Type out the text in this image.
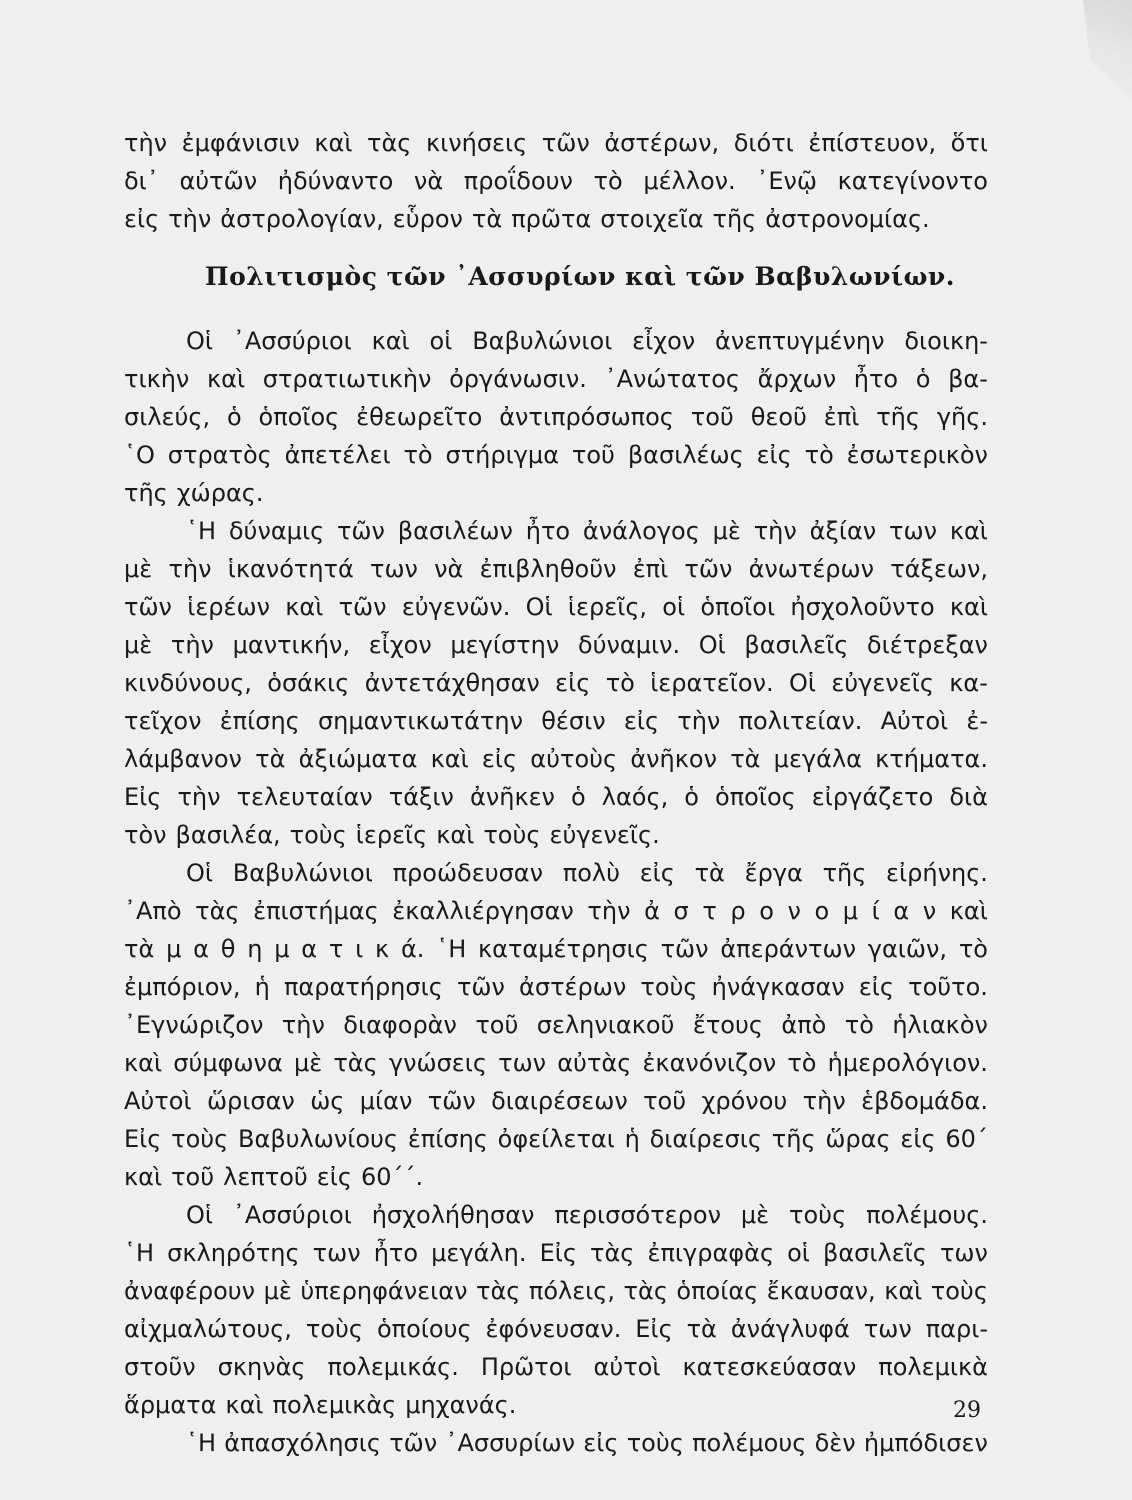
τὴν ἐμφάνισιν καὶ τὰς κινήσεις τῶν ἀστέρων, διότι ἐπίστευον, ὅτι
δι᾿ αὐτῶν ἠδύναντο νὰ προΐδουν τὸ μέλλον. ᾿Ενῷ κατεγίνοντο
εἰς τὴν ἀστρολογίαν, εὗρον τὰ πρῶτα στοιχεῖα τῆς ἀστρονομίας.
Πολιτισμὸς τῶν ᾿Ασσυρίων καὶ τῶν Βαβυλωνίων.
Οἱ ᾿Ασσύριοι καὶ οἱ Βαβυλώνιοι εἶχον ἀνεπτυγμένην διοικη-
τικὴν καὶ στρατιωτικὴν ὀργάνωσιν. ᾿Ανώτατος ἄρχων ἦτο ὁ βα-
σιλεύς, ὁ ὁποῖος ἐθεωρεῖτο ἀντιπρόσωπος τοῦ θεοῦ ἐπὶ τῆς γῆς.
῾Ο στρατὸς ἀπετέλει τὸ στήριγμα τοῦ βασιλέως εἰς τὸ ἐσωτερικὸν
τῆς χώρας.
῾Η δύναμις τῶν βασιλέων ἦτο ἀνάλογος μὲ τὴν ἀξίαν των καὶ
μὲ τὴν ἱκανότητά των νὰ ἐπιβληθοῦν ἐπὶ τῶν ἀνωτέρων τάξεων,
τῶν ἱερέων καὶ τῶν εὐγενῶν. Οἱ ἱερεῖς, οἱ ὁποῖοι ἠσχολοῦντο καὶ
μὲ τὴν μαντικήν, εἶχον μεγίστην δύναμιν. Οἱ βασιλεῖς διέτρεξαν
κινδύνους, ὁσάκις ἀντετάχθησαν εἰς τὸ ἱερατεῖον. Οἱ εὐγενεῖς κα-
τεῖχον ἐπίσης σημαντικωτάτην θέσιν εἰς τὴν πολιτείαν. Αὐτοὶ ἐ-
λάμβανον τὰ ἀξιώματα καὶ εἰς αὐτοὺς ἀνῆκον τὰ μεγάλα κτήματα.
Εἰς τὴν τελευταίαν τάξιν ἀνῆκεν ὁ λαός, ὁ ὁποῖος εἰργάζετο διὰ
τὸν βασιλέα, τοὺς ἱερεῖς καὶ τοὺς εὐγενεῖς.
Οἱ Βαβυλώνιοι προώδευσαν πολὺ εἰς τὰ ἔργα τῆς εἰρήνης.
᾿Απὸ τὰς ἐπιστήμας ἐκαλλιέργησαν τὴν ἀ σ τ ρ ο ν ο μ ί α ν καὶ
τὰ μ α θ η μ α τ ι κ ά. ῾Η καταμέτρησις τῶν ἀπεράντων γαιῶν, τὸ
ἐμπόριον, ἡ παρατήρησις τῶν ἀστέρων τοὺς ἠνάγκασαν εἰς τοῦτο.
᾿Εγνώριζον τὴν διαφορὰν τοῦ σεληνιακοῦ ἔτους ἀπὸ τὸ ἡλιακὸν
καὶ σύμφωνα μὲ τὰς γνώσεις των αὐτὰς ἐκανόνιζον τὸ ἡμερολόγιον.
Αὐτοὶ ὥρισαν ὡς μίαν τῶν διαιρέσεων τοῦ χρόνου τὴν ἑβδομάδα.
Εἰς τοὺς Βαβυλωνίους ἐπίσης ὀφείλεται ἡ διαίρεσις τῆς ὥρας εἰς 60΄
καὶ τοῦ λεπτοῦ εἰς 60΄΄.
Οἱ ᾿Ασσύριοι ἠσχολήθησαν περισσότερον μὲ τοὺς πολέμους.
῾Η σκληρότης των ἦτο μεγάλη. Εἰς τὰς ἐπιγραφὰς οἱ βασιλεῖς των
ἀναφέρουν μὲ ὑπερηφάνειαν τὰς πόλεις, τὰς ὁποίας ἔκαυσαν, καὶ τοὺς
αἰχμαλώτους, τοὺς ὁποίους ἐφόνευσαν. Εἰς τὰ ἀνάγλυφά των παρι-
στοῦν σκηνὰς πολεμικάς. Πρῶτοι αὐτοὶ κατεσκεύασαν πολεμικὰ
ἅρματα καὶ πολεμικὰς μηχανάς.
῾Η ἀπασχόλησις τῶν ᾿Ασσυρίων εἰς τοὺς πολέμους δὲν ἠμπόδισεν
29
